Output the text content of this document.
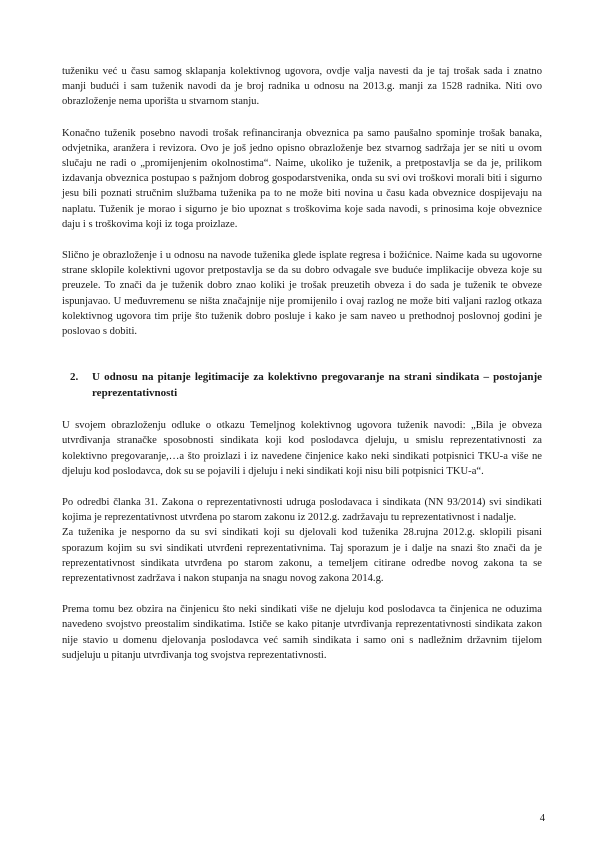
tuženiku već u času samog sklapanja kolektivnog ugovora, ovdje valja navesti da je taj trošak sada i znatno manji budući i sam tuženik navodi da je broj radnika u odnosu na 2013.g. manji za 1528 radnika. Niti ovo obrazloženje nema uporišta u stvarnom stanju.

Konačno tuženik posebno navodi trošak refinanciranja obveznica pa samo paušalno spominje trošak banaka, odvjetnika, aranžera i revizora. Ovo je još jedno opisno obrazloženje bez stvarnog sadržaja jer se niti u ovom slučaju ne radi o „promijenjenim okolnostima“. Naime, ukoliko je tuženik, a pretpostavlja se da je, prilikom izdavanja obveznica postupao s pažnjom dobrog gospodarstvenika, onda su svi ovi troškovi morali biti i sigurno jesu bili poznati stručnim službama tuženika pa to ne može biti novina u času kada obveznice dospijevaju na naplatu. Tuženik je morao i sigurno je bio upoznat s troškovima koje sada navodi, s prinosima koje obveznice daju i s troškovima koji iz toga proizlaze.

Slično je obrazloženje i u odnosu na navode tuženika glede isplate regresa i božićnice. Naime kada su ugovorne strane sklopile kolektivni ugovor pretpostavlja se da su dobro odvagale sve buduće implikacije obveza koje su preuzele. To znači da je tuženik dobro znao koliki je trošak preuzetih obveza i do sada je tuženik te obveze ispunjavao. U međuvremenu se ništa značajnije nije promijenilo i ovaj razlog ne može biti valjani razlog otkaza kolektivnog ugovora tim prije što tuženik dobro posluje i kako je sam naveo u prethodnoj poslovnoj godini je poslovao s dobiti.

2.	U odnosu na pitanje legitimacije za kolektivno pregovaranje na strani sindikata – postojanje reprezentativnosti

U svojem obrazloženju odluke o otkazu Temeljnog kolektivnog ugovora tuženik navodi: „Bila je obveza utvrđivanja stranačke sposobnosti sindikata koji kod poslodavca djeluju, u smislu reprezentativnosti za kolektivno pregovaranje,…a što proizlazi i iz navedene činjenice kako neki sindikati potpisnici TKU-a više ne djeluju kod poslodavca, dok su se pojavili i djeluju i neki sindikati koji nisu bili potpisnici TKU-a“.

Po odredbi članka 31. Zakona o reprezentativnosti udruga poslodavaca i sindikata (NN 93/2014) svi sindikati kojima je reprezentativnost utvrđena po starom zakonu iz 2012.g. zadržavaju tu reprezentativnost i nadalje.

Za tuženika je nesporno da su svi sindikati koji su djelovali kod tuženika 28.rujna 2012.g. sklopili pisani sporazum kojim su svi sindikati utvrđeni reprezentativnima. Taj sporazum je i dalje na snazi što znači da je reprezentativnost sindikata utvrđena po starom zakonu, a temeljem citirane odredbe novog zakona ta se reprezentativnost zadržava i nakon stupanja na snagu novog zakona 2014.g.

Prema tomu bez obzira na činjenicu što neki sindikati više ne djeluju kod poslodavca ta činjenica ne oduzima navedeno svojstvo preostalim sindikatima. Ističe se kako pitanje utvrđivanja reprezentativnosti sindikata zakon nije stavio u domenu djelovanja poslodavca već samih sindikata i samo oni s nadležnim državnim tijelom sudjeluju u pitanju utvrđivanja tog svojstva reprezentativnosti.

4
